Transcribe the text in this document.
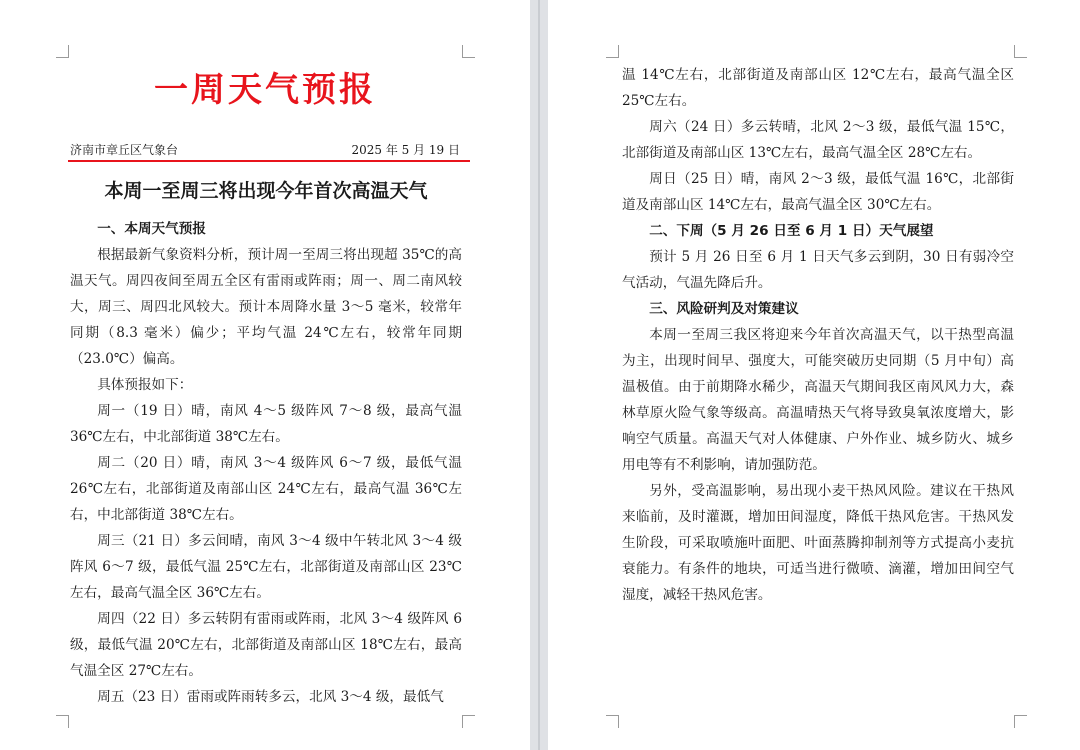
一周天气预报
济南市章丘区气象台	2025 年 5 月 19 日
本周一至周三将出现今年首次高温天气
一、本周天气预报

根据最新气象资料分析，预计周一至周三将出现超 35℃的高温天气。周四夜间至周五全区有雷雨或阵雨；周一、周二南风较大，周三、周四北风较大。预计本周降水量 3～5 毫米，较常年同期（8.3 毫米）偏少；平均气温 24℃左右，较常年同期（23.0℃）偏高。

具体预报如下：

周一（19 日）晴，南风 4～5 级阵风 7～8 级，最高气温 36℃左右，中北部街道 38℃左右。

周二（20 日）晴，南风 3～4 级阵风 6～7 级，最低气温 26℃左右，北部街道及南部山区 24℃左右，最高气温 36℃左右，中北部街道 38℃左右。

周三（21 日）多云间晴，南风 3～4 级中午转北风 3～4 级阵风 6～7 级，最低气温 25℃左右，北部街道及南部山区 23℃左右，最高气温全区 36℃左右。

周四（22 日）多云转阴有雷雨或阵雨，北风 3～4 级阵风 6 级，最低气温 20℃左右，北部街道及南部山区 18℃左右，最高气温全区 27℃左右。

周五（23 日）雷雨或阵雨转多云，北风 3～4 级，最低气

温 14℃左右，北部街道及南部山区 12℃左右，最高气温全区 25℃左右。

周六（24 日）多云转晴，北风 2～3 级，最低气温 15℃，北部街道及南部山区 13℃左右，最高气温全区 28℃左右。

周日（25 日）晴，南风 2～3 级，最低气温 16℃，北部街道及南部山区 14℃左右，最高气温全区 30℃左右。

二、下周（5 月 26 日至 6 月 1 日）天气展望

预计 5 月 26 日至 6 月 1 日天气多云到阴，30 日有弱冷空气活动，气温先降后升。

三、风险研判及对策建议

本周一至周三我区将迎来今年首次高温天气，以干热型高温为主，出现时间早、强度大，可能突破历史同期（5 月中旬）高温极值。由于前期降水稀少，高温天气期间我区南风风力大，森林草原火险气象等级高。高温晴热天气将导致臭氧浓度增大，影响空气质量。高温天气对人体健康、户外作业、城乡防火、城乡用电等有不利影响，请加强防范。

另外，受高温影响，易出现小麦干热风风险。建议在干热风来临前，及时灌溉，增加田间湿度，降低干热风危害。干热风发生阶段，可采取喷施叶面肥、叶面蒸腾抑制剂等方式提高小麦抗衰能力。有条件的地块，可适当进行微喷、滴灌，增加田间空气湿度，减轻干热风危害。
